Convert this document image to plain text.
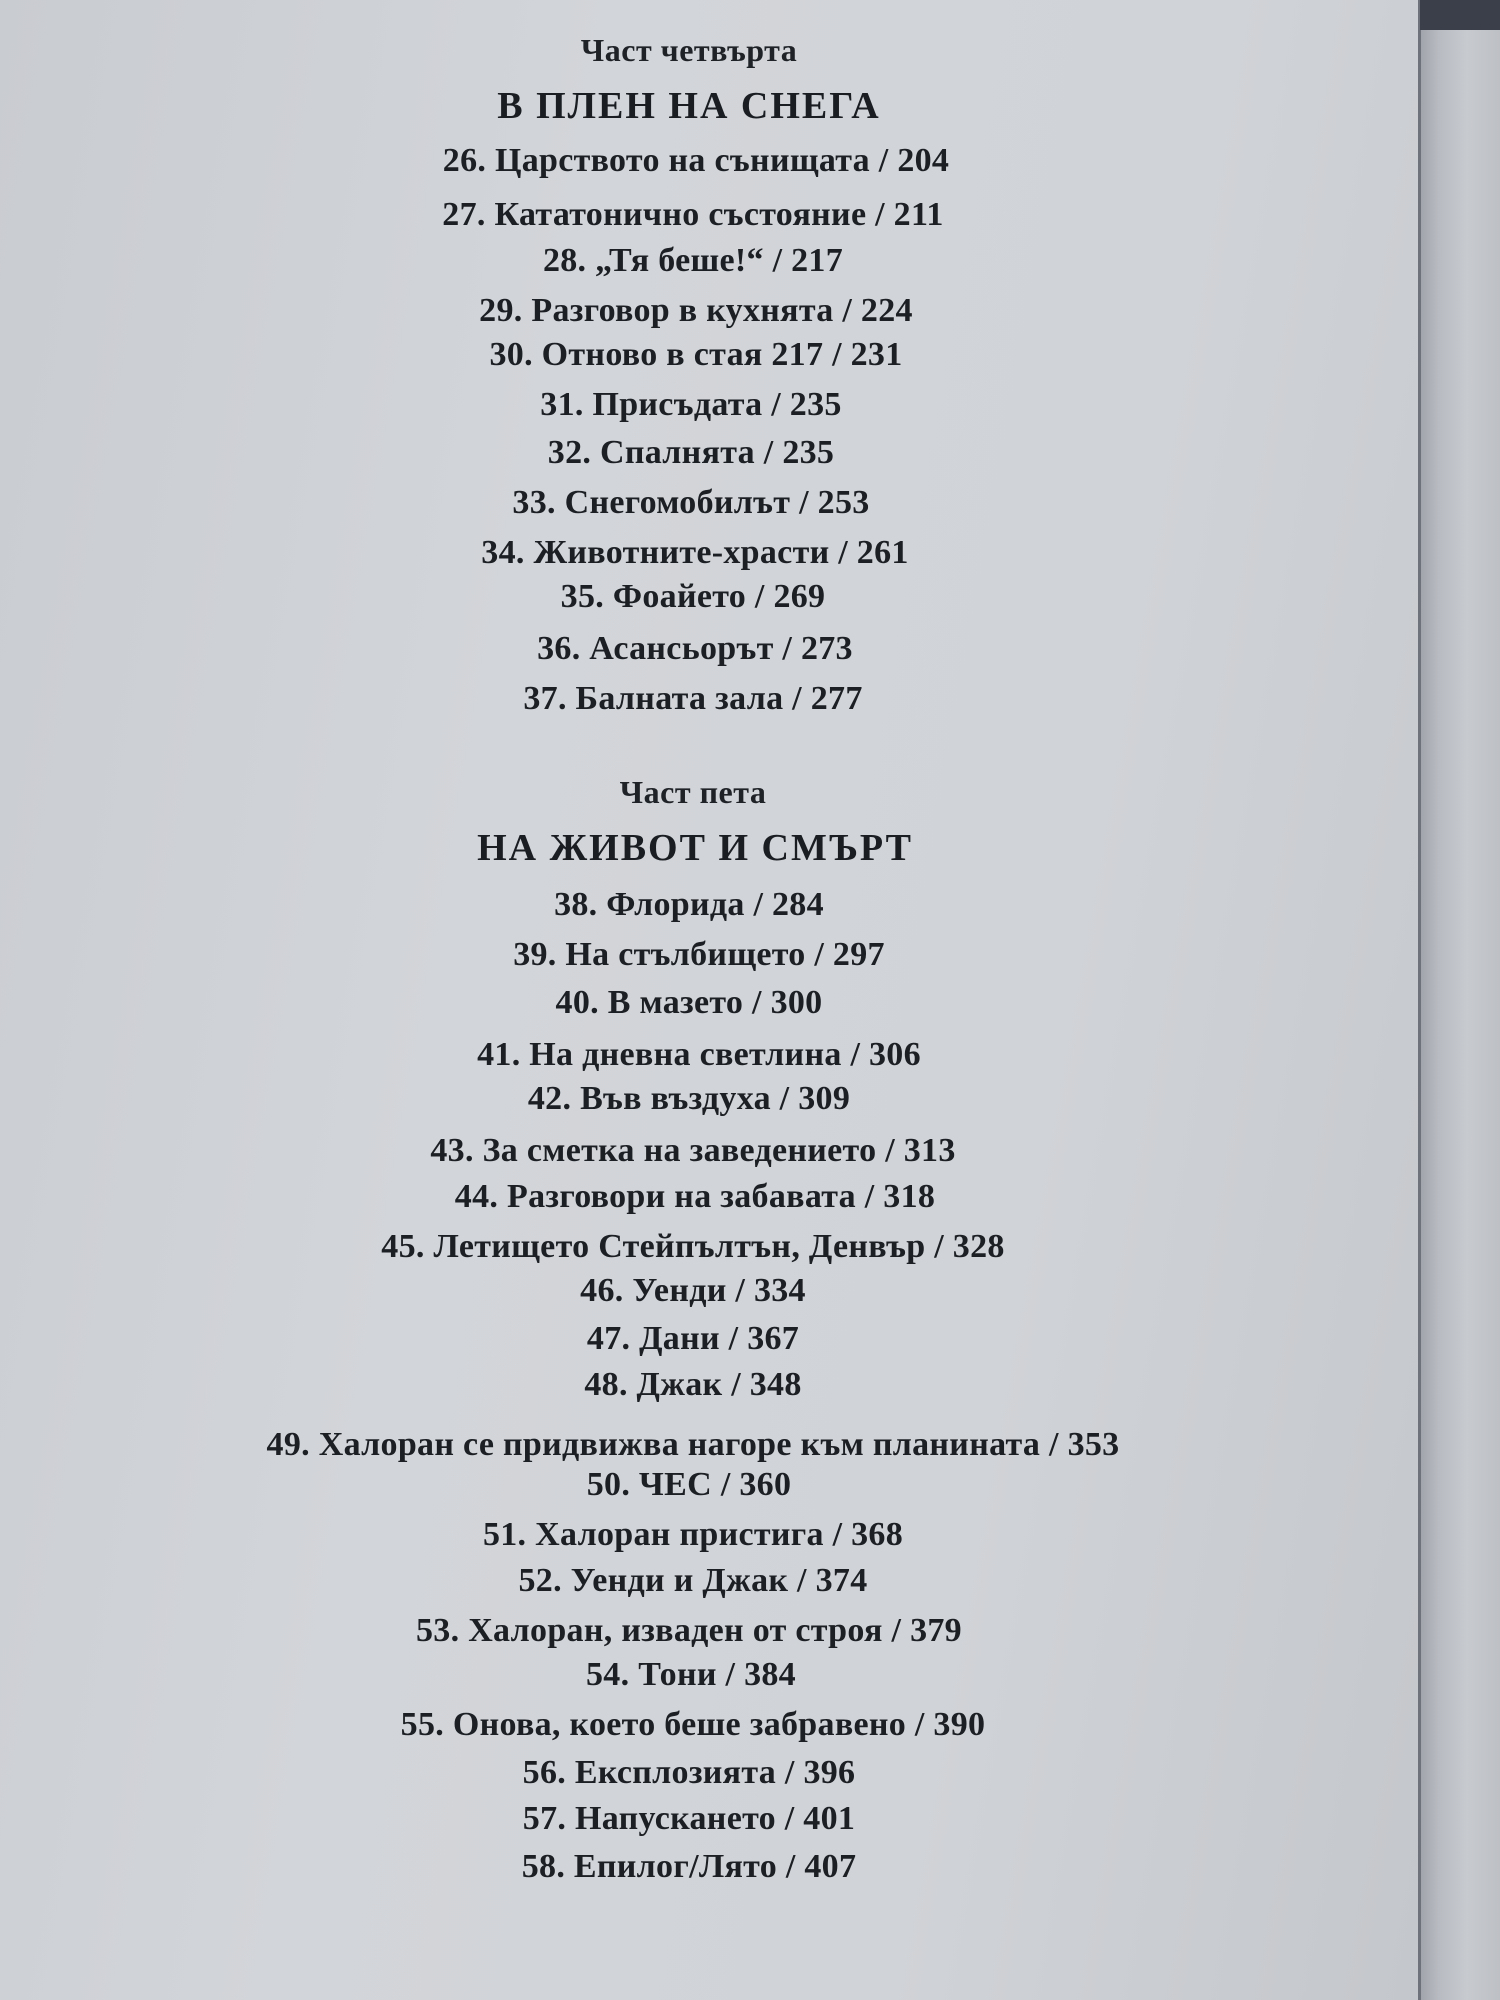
Част четвърта
В ПЛЕН НА СНЕГА
26. Царството на сънищата / 204
27. Кататонично състояние / 211
28. „Тя беше!“ / 217
29. Разговор в кухнята / 224
30. Отново в стая 217 / 231
31. Присъдата / 235
32. Спалнята / 235
33. Снегомобилът / 253
34. Животните-храсти / 261
35. Фоайето / 269
36. Асансьорът / 273
37. Балната зала / 277
Част пета
НА ЖИВОТ И СМЪРТ
38. Флорида / 284
39. На стълбището / 297
40. В мазето / 300
41. На дневна светлина / 306
42. Във въздуха / 309
43. За сметка на заведението / 313
44. Разговори на забавата / 318
45. Летището Стейпълтън, Денвър / 328
46. Уенди / 334
47. Дани / 367
48. Джак / 348
49. Халоран се придвижва нагоре към планината / 353
50. ЧЕС / 360
51. Халоран пристига / 368
52. Уенди и Джак / 374
53. Халоран, изваден от строя / 379
54. Тони / 384
55. Онова, което беше забравено / 390
56. Експлозията / 396
57. Напускането / 401
58. Епилог/Лято / 407
